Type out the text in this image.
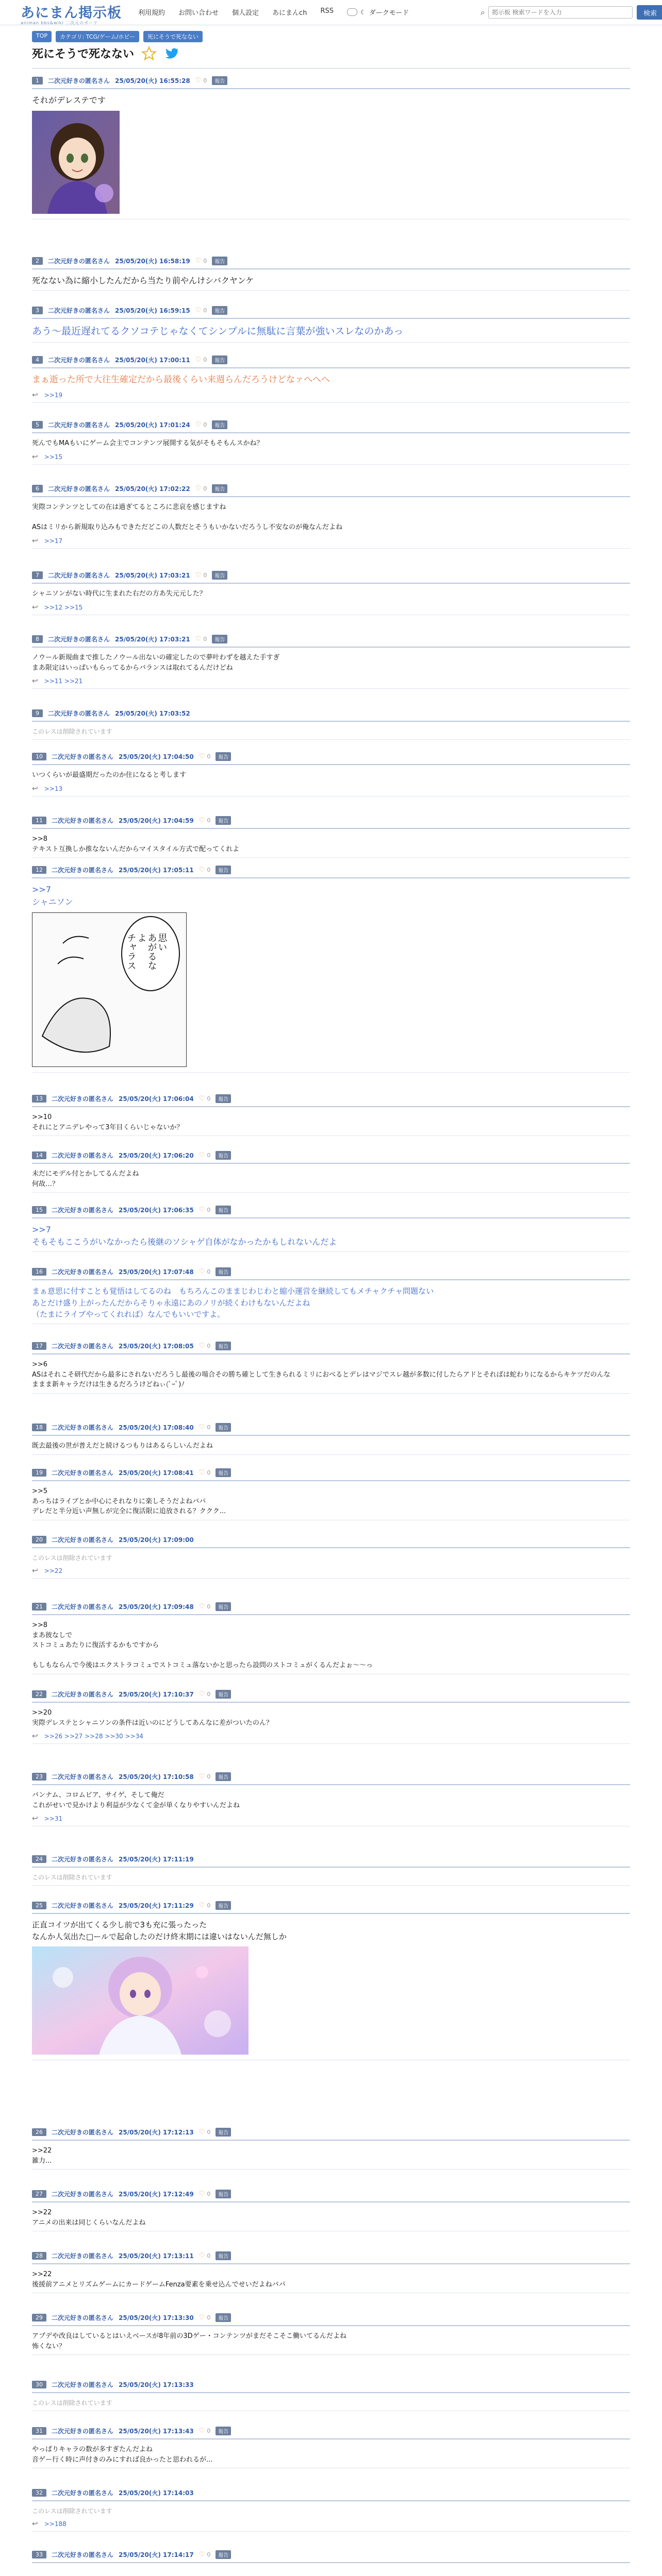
あにまん掲示板
animan bbs&wiki 二次元のボード
利用規約 お問い合わせ 個人設定 あにまんch RSS	☾ ダークモード	⌕
掲示板 検索ワードを入力	検索
TOP	カテゴリ: TCG/ゲーム/ホビー	死にそうで死なない
死にそうで死なない
1	二次元好きの匿名さん 25/05/20(火) 16:55:28 ♡ 0	報告
それがデレステです
2	二次元好きの匿名さん 25/05/20(火) 16:58:19 ♡ 0	報告
死なない為に縮小したんだから当たり前やんけシバクヤンケ
3	二次元好きの匿名さん 25/05/20(火) 16:59:15 ♡ 0	報告
あう～最近遅れてるクソコテじゃなくてシンプルに無駄に言葉が強いスレなのかあっ
4	二次元好きの匿名さん 25/05/20(火) 17:00:11 ♡ 0	報告
まぁ逝った所で大往生確定だから最後くらい来週らんだろうけどなァへへへ
↩ >>19
5	二次元好きの匿名さん 25/05/20(火) 17:01:24 ♡ 0	報告
死んでもMAもいにゲーム会主でコンテンツ展開する気がそもそもんスかね？
↩ >>15
6	二次元好きの匿名さん 25/05/20(火) 17:02:22 ♡ 0	報告
実際コンテンツとしての在は過ぎてるところに悲哀を感じますね

ASはミリから新規取り込みもできただどこの人数だとそうもいかないだろうし不安なのが俺なんだよね
↩ >>17
7	二次元好きの匿名さん 25/05/20(火) 17:03:21 ♡ 0	報告
シャニソンがない時代に生まれた右だの方あ失元元した？
↩ >>12 >>15
8	二次元好きの匿名さん 25/05/20(火) 17:03:21 ♡ 0	報告
ノウール新規曲まで推したノウール出ないの確定したので夢叶わずを越えた手すぎ
まあ限定はいっぱいもらってるからバランスは取れてるんだけどね
↩ >>11 >>21
9	二次元好きの匿名さん 25/05/20(火) 17:03:52
このレスは削除されています
10	二次元好きの匿名さん 25/05/20(火) 17:04:50 ♡ 0	報告
いつくらいが最盛期だったのか住になると考します
↩ >>13
11	二次元好きの匿名さん 25/05/20(火) 17:04:59 ♡ 0	報告
>>8
テキスト互換しか推なないんだからマイスタイル方式で配ってくれよ
12	二次元好きの匿名さん 25/05/20(火) 17:05:11 ♡ 0	報告
>>7
シャニソン
思い
あがるな
よ
チャラス
13	二次元好きの匿名さん 25/05/20(火) 17:06:04 ♡ 0	報告
>>10
それにとアニデレやって3年目くらいじゃないか？
14	二次元好きの匿名さん 25/05/20(火) 17:06:20 ♡ 0	報告
未だにモデル付とかしてるんだよね
何故…？
15	二次元好きの匿名さん 25/05/20(火) 17:06:35 ♡ 0	報告
>>7
そもそもここうがいなかったら後継のソシャゲ自体がなかったかもしれないんだよ
16	二次元好きの匿名さん 25/05/20(火) 17:07:48 ♡ 0	報告
まぁ意思に付すことも覚悟はしてるのね　もちろんこのままじわじわと縮小運営を継続してもメチャクチャ問題ない
あとだけ盛り上がったんだからそりゃ永遠にあのノリが続くわけもないんだよね
（たまにライブやってくれれば）なんでもいいですよ。
17	二次元好きの匿名さん 25/05/20(火) 17:08:05 ♡ 0	報告
>>6
ASはそれこそ研代だから最多にされないだろうし最後の場合その勝ち確として生きられるミリにおべるとデレはマジでスレ越が多数に付したらアドとそればは蛇わりになるからキケツだのんな
ままま新キャラだけは生きるだろうけどねぃ(ﾟｰﾟ)ﾉ
18	二次元好きの匿名さん 25/05/20(火) 17:08:40 ♡ 0	報告
既去最後の世が普えだと続けるつもりはあるらしいんだよね
19	二次元好きの匿名さん 25/05/20(火) 17:08:41 ♡ 0	報告
>>5
あっちはライブとか中心にそれなりに楽しそうだよねバパ
デレだと半分近い声無しが完全に復活限に追放される？ククク...
20	二次元好きの匿名さん 25/05/20(火) 17:09:00
このレスは削除されています
↩ >>22
21	二次元好きの匿名さん 25/05/20(火) 17:09:48 ♡ 0	報告
>>8
まあ彼なしで
ストコミュあたりに復活するかもですから

もしもならんで今後はエクストラコミュでストコミュ落ないかと思ったら設問のストコミュがくるんだよぉ～～っ
22	二次元好きの匿名さん 25/05/20(火) 17:10:37 ♡ 0	報告
>>20
実際デレステとシャニソンの条件は近いのにどうしてあんなに差がついたのん？
↩ >>26 >>27 >>28 >>30 >>34
23	二次元好きの匿名さん 25/05/20(火) 17:10:58 ♡ 0	報告
バンナム、コロムビア、サイゲ、そして俺だ
これがせいで見かけより利益が少なくて金が単くなりやすいんだよね
↩ >>31
24	二次元好きの匿名さん 25/05/20(火) 17:11:19
このレスは削除されています
25	二次元好きの匿名さん 25/05/20(火) 17:11:29 ♡ 0	報告
正直コイツが出てくる少し前で3も充に張ったった
なんか人気出た□ールで起命したのだけ終末期には違いはないんだ無しか
26	二次元好きの匿名さん 25/05/20(火) 17:12:13 ♡ 0	報告
>>22
雑力...
27	二次元好きの匿名さん 25/05/20(火) 17:12:49 ♡ 0	報告
>>22
アニメの出来は同じくらいなんだよね
28	二次元好きの匿名さん 25/05/20(火) 17:13:11 ♡ 0	報告
>>22
後援前アニメとリズムゲームにカードゲームFenza要素を乗せ込んでせいだよねバパ
29	二次元好きの匿名さん 25/05/20(火) 17:13:30 ♡ 0	報告
アプデや改良はしているとはいえベースが8年前の3Dゲー・コンテンツがまだそこそこ働いてるんだよね
怖くない？
30	二次元好きの匿名さん 25/05/20(火) 17:13:33
このレスは削除されています
31	二次元好きの匿名さん 25/05/20(火) 17:13:43 ♡ 0	報告
やっぱりキャラの数が多すぎたんだよね
音ゲー行く時に声付きのみにすれば良かったと思われるが...
32	二次元好きの匿名さん 25/05/20(火) 17:14:03
このレスは削除されています
↩ >>188
33	二次元好きの匿名さん 25/05/20(火) 17:14:17 ♡ 0	報告
